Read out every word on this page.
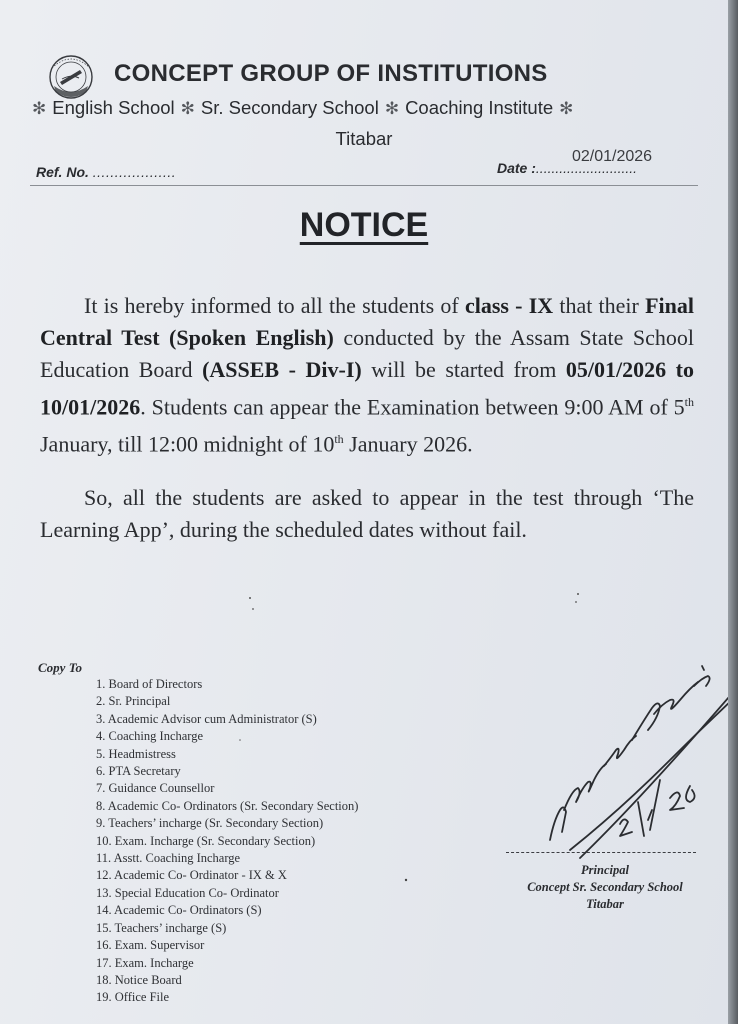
CONCEPT GROUP OF INSTITUTIONS
✻ English School ✻ Sr. Secondary School ✻ Coaching Institute ✻
Titabar
Ref. No. ...................	Date :..........................
02/01/2026
NOTICE
It is hereby informed to all the students of class - IX that their Final Central Test (Spoken English) conducted by the Assam State School Education Board (ASSEB - Div-I) will be started from 05/01/2026 to 10/01/2026. Students can appear the Examination between 9:00 AM of 5th January, till 12:00 midnight of 10th January 2026.
So, all the students are asked to appear in the test through ‘The Learning App’, during the scheduled dates without fail.
Copy To
1. Board of Directors
2. Sr. Principal
3. Academic Advisor cum Administrator (S)
4. Coaching Incharge
5. Headmistress
6. PTA Secretary
7. Guidance Counsellor
8. Academic Co- Ordinators (Sr. Secondary Section)
9. Teachers’ incharge (Sr. Secondary Section)
10. Exam. Incharge (Sr. Secondary Section)
11. Asstt. Coaching Incharge
12. Academic Co- Ordinator - IX & X
13. Special Education Co- Ordinator
14. Academic Co- Ordinators (S)
15. Teachers’ incharge (S)
16. Exam. Supervisor
17. Exam. Incharge
18. Notice Board
19. Office File
Principal
Concept Sr. Secondary School
Titabar
